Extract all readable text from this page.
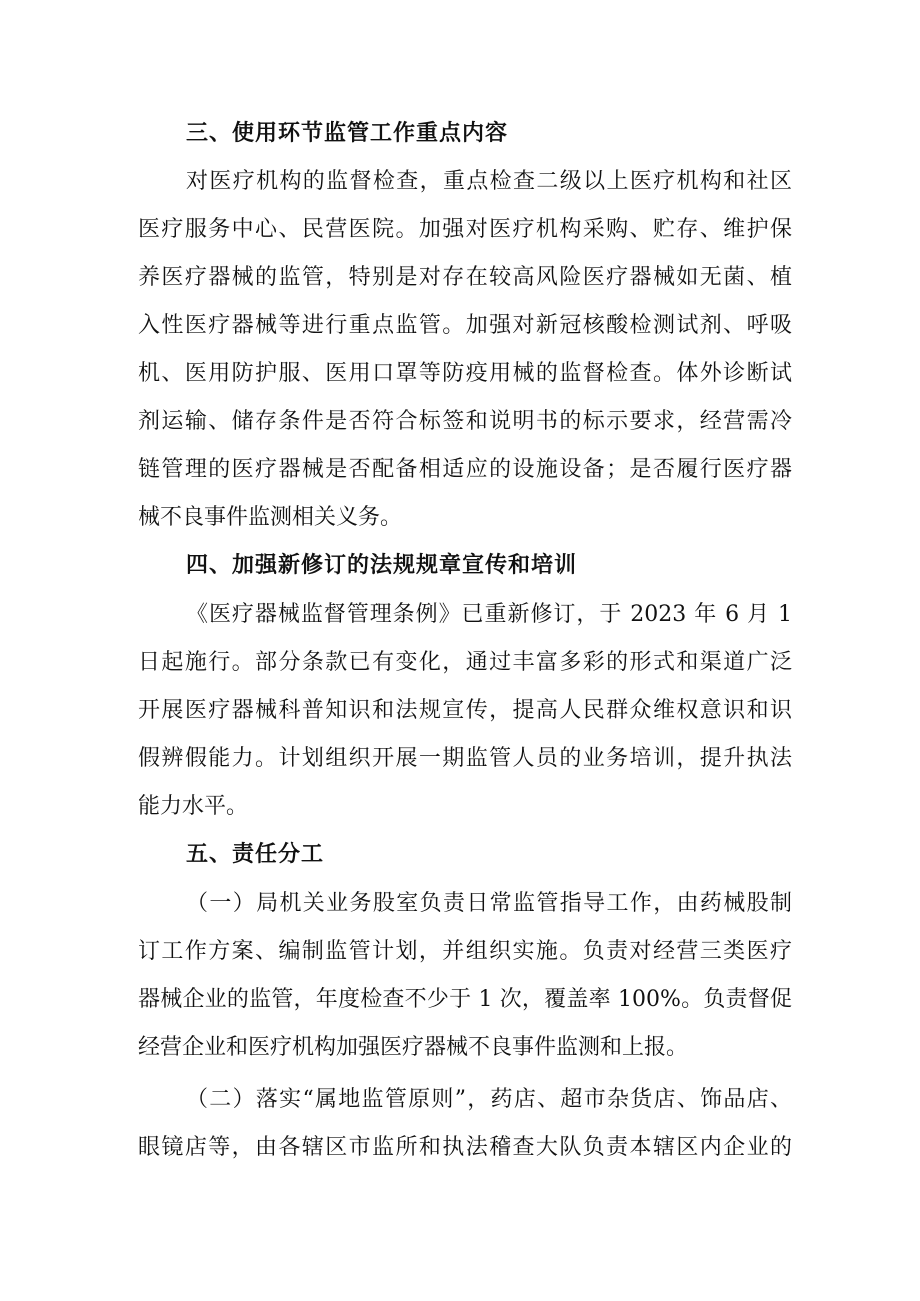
三、使用环节监管工作重点内容

对医疗机构的监督检查，重点检查二级以上医疗机构和社区

医疗服务中心、民营医院。加强对医疗机构采购、贮存、维护保

养医疗器械的监管，特别是对存在较高风险医疗器械如无菌、植

入性医疗器械等进行重点监管。加强对新冠核酸检测试剂、呼吸

机、医用防护服、医用口罩等防疫用械的监督检查。体外诊断试

剂运输、储存条件是否符合标签和说明书的标示要求，经营需冷

链管理的医疗器械是否配备相适应的设施设备；是否履行医疗器

械不良事件监测相关义务。

四、加强新修订的法规规章宣传和培训

《医疗器械监督管理条例》已重新修订，于 2023 年 6 月 1

日起施行。部分条款已有变化，通过丰富多彩的形式和渠道广泛

开展医疗器械科普知识和法规宣传，提高人民群众维权意识和识

假辨假能力。计划组织开展一期监管人员的业务培训，提升执法

能力水平。

五、责任分工

（一）局机关业务股室负责日常监管指导工作，由药械股制

订工作方案、编制监管计划，并组织实施。负责对经营三类医疗

器械企业的监管，年度检查不少于 1 次，覆盖率 100%。负责督促

经营企业和医疗机构加强医疗器械不良事件监测和上报。

（二）落实“属地监管原则”，药店、超市杂货店、饰品店、

眼镜店等，由各辖区市监所和执法稽查大队负责本辖区内企业的
